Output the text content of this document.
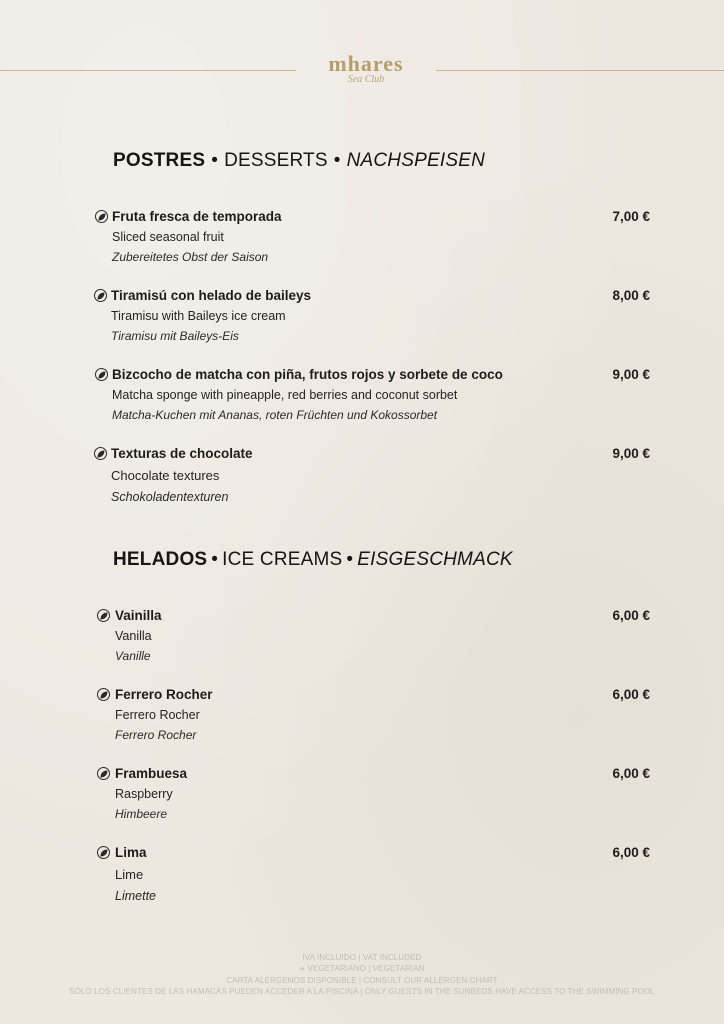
mhares
Sea Club
POSTRES • DESSERTS • NACHSPEISEN
Fruta fresca de temporada
Sliced seasonal fruit
Zubereitetes Obst der Saison
7,00 €
Tiramisú con helado de baileys
Tiramisu with Baileys ice cream
Tiramisu mit Baileys-Eis
8,00 €
Bizcocho de matcha con piña, frutos rojos y sorbete de coco
Matcha sponge with pineapple, red berries and coconut sorbet
Matcha-Kuchen mit Ananas, roten Früchten und Kokossorbet
9,00 €
Texturas de chocolate
Chocolate textures
Schokoladentexturen
9,00 €
HELADOS • ICE CREAMS • EISGESCHMACK
Vainilla
Vanilla
Vanille
6,00 €
Ferrero Rocher
Ferrero Rocher
Ferrero Rocher
6,00 €
Frambuesa
Raspberry
Himbeere
6,00 €
Lima
Lime
Limette
6,00 €
IVA INCLUIDO | VAT INCLUDED
❧ VEGETARIANO | VEGETARIAN
CARTA ALÉRGENOS DISPONIBLE | CONSULT OUR ALLERGEN CHART
SÓLO LOS CLIENTES DE LAS HAMACAS PUEDEN ACCEDER A LA PISCINA | ONLY GUESTS IN THE SUNBEDS HAVE ACCESS TO THE SWIMMING POOL
